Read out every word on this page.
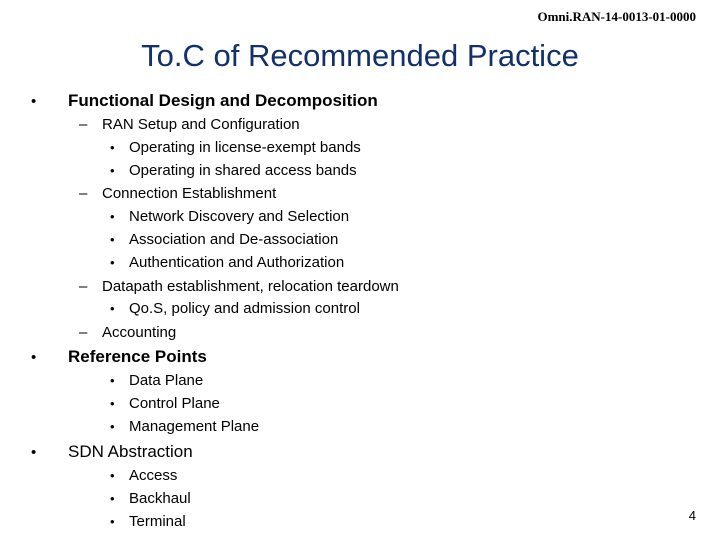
Omni.RAN-14-0013-01-0000
To.C of Recommended Practice
• Functional Design and Decomposition
– RAN Setup and Configuration
• Operating in license-exempt bands
• Operating in shared access bands
– Connection Establishment
• Network Discovery and Selection
• Association and De-association
• Authentication and Authorization
– Datapath establishment, relocation teardown
• Qo.S, policy and admission control
– Accounting
• Reference Points
• Data Plane
• Control Plane
• Management Plane
• SDN Abstraction
• Access
• Backhaul
• Terminal	4
